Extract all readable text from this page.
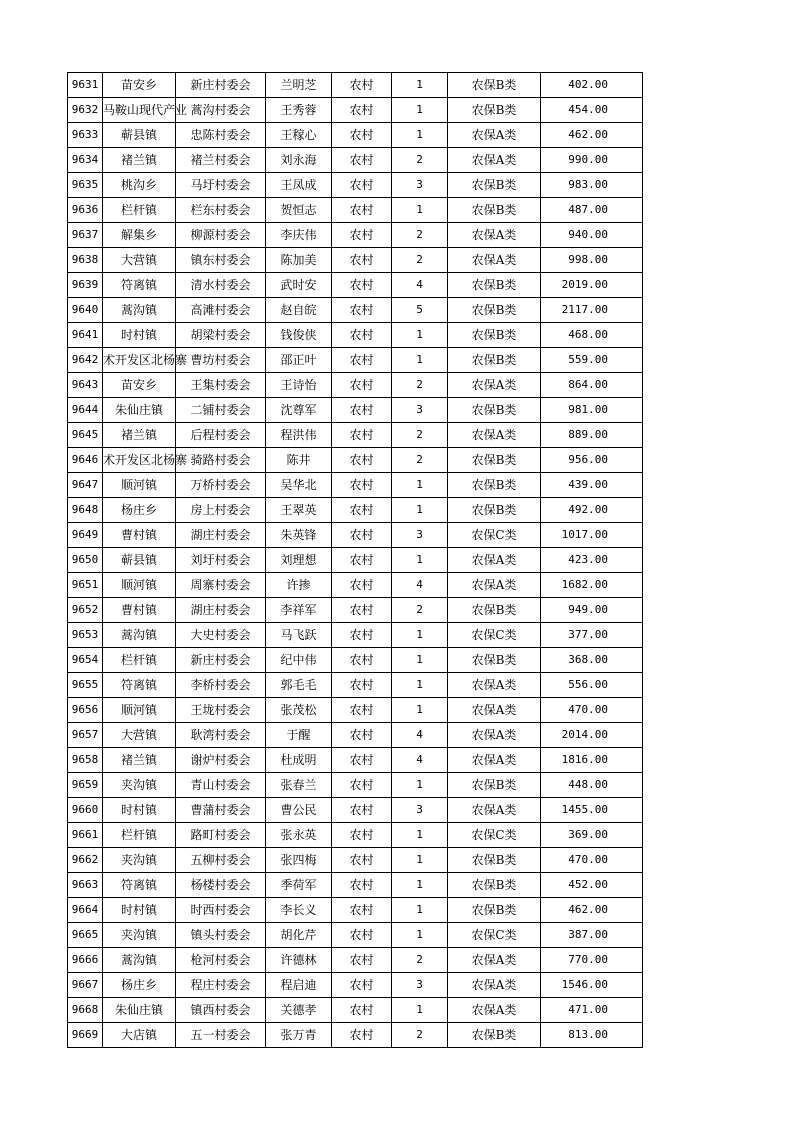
9631	苗安乡	新庄村委会	兰明芝	农村	1	农保B类	402.00
9632	马鞍山现代产业	蒿沟村委会	王秀蓉	农村	1	农保B类	454.00
9633	蕲县镇	忠陈村委会	王稼心	农村	1	农保A类	462.00
9634	褚兰镇	褚兰村委会	刘永海	农村	2	农保A类	990.00
9635	桃沟乡	马圩村委会	王凤成	农村	3	农保B类	983.00
9636	栏杆镇	栏东村委会	贺恒志	农村	1	农保B类	487.00
9637	解集乡	柳源村委会	李庆伟	农村	2	农保A类	940.00
9638	大营镇	镇东村委会	陈加美	农村	2	农保A类	998.00
9639	符离镇	清水村委会	武时安	农村	4	农保B类	2019.00
9640	蒿沟镇	高滩村委会	赵自皖	农村	5	农保B类	2117.00
9641	时村镇	胡梁村委会	钱俊侠	农村	1	农保B类	468.00
9642	术开发区北杨寨	曹坊村委会	邵正叶	农村	1	农保B类	559.00
9643	苗安乡	王集村委会	王诗怡	农村	2	农保A类	864.00
9644	朱仙庄镇	二铺村委会	沈尊军	农村	3	农保B类	981.00
9645	褚兰镇	后程村委会	程洪伟	农村	2	农保A类	889.00
9646	术开发区北杨寨	骑路村委会	陈井	农村	2	农保B类	956.00
9647	顺河镇	万桥村委会	吴华北	农村	1	农保B类	439.00
9648	杨庄乡	房上村委会	王翠英	农村	1	农保B类	492.00
9649	曹村镇	湖庄村委会	朱英锋	农村	3	农保C类	1017.00
9650	蕲县镇	刘圩村委会	刘理想	农村	1	农保A类	423.00
9651	顺河镇	周寨村委会	许掺	农村	4	农保A类	1682.00
9652	曹村镇	湖庄村委会	李祥军	农村	2	农保B类	949.00
9653	蒿沟镇	大史村委会	马飞跃	农村	1	农保C类	377.00
9654	栏杆镇	新庄村委会	纪中伟	农村	1	农保B类	368.00
9655	符离镇	李桥村委会	郭毛毛	农村	1	农保A类	556.00
9656	顺河镇	王垅村委会	张茂松	农村	1	农保A类	470.00
9657	大营镇	耿湾村委会	于醒	农村	4	农保A类	2014.00
9658	褚兰镇	谢炉村委会	杜成明	农村	4	农保A类	1816.00
9659	夹沟镇	青山村委会	张春兰	农村	1	农保B类	448.00
9660	时村镇	曹蒲村委会	曹公民	农村	3	农保A类	1455.00
9661	栏杆镇	路町村委会	张永英	农村	1	农保C类	369.00
9662	夹沟镇	五柳村委会	张四梅	农村	1	农保B类	470.00
9663	符离镇	杨楼村委会	季荷军	农村	1	农保B类	452.00
9664	时村镇	时西村委会	李长义	农村	1	农保B类	462.00
9665	夹沟镇	镇头村委会	胡化芹	农村	1	农保C类	387.00
9666	蒿沟镇	枪河村委会	许德林	农村	2	农保A类	770.00
9667	杨庄乡	程庄村委会	程启迪	农村	3	农保A类	1546.00
9668	朱仙庄镇	镇西村委会	关德孝	农村	1	农保A类	471.00
9669	大店镇	五一村委会	张万青	农村	2	农保B类	813.00
